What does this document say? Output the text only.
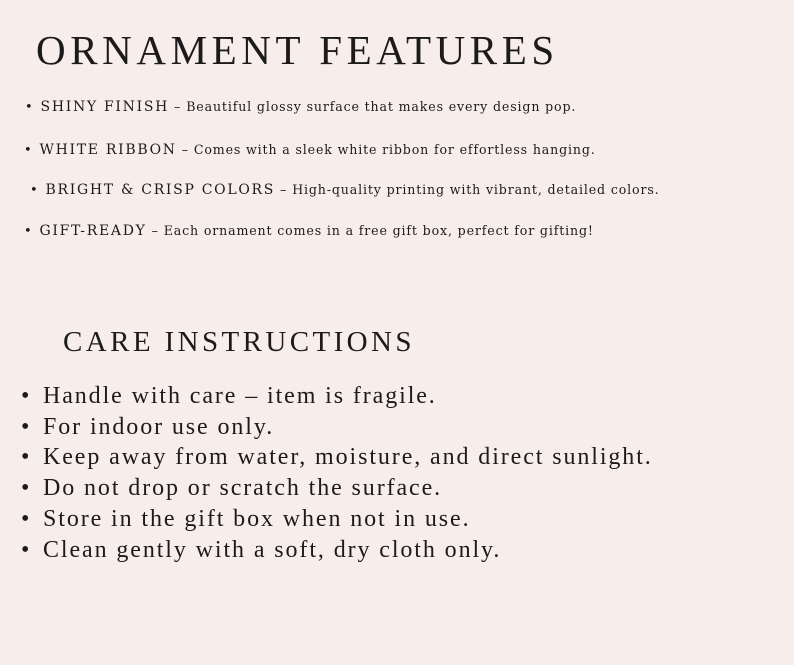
ORNAMENT FEATURES
• SHINY FINISH – Beautiful glossy surface that makes every design pop.
• WHITE RIBBON – Comes with a sleek white ribbon for effortless hanging.
• BRIGHT & CRISP COLORS – High-quality printing with vibrant, detailed colors.
• GIFT-READY – Each ornament comes in a free gift box, perfect for gifting!
CARE INSTRUCTIONS
• Handle with care – item is fragile.
• For indoor use only.
• Keep away from water, moisture, and direct sunlight.
• Do not drop or scratch the surface.
• Store in the gift box when not in use.
• Clean gently with a soft, dry cloth only.
